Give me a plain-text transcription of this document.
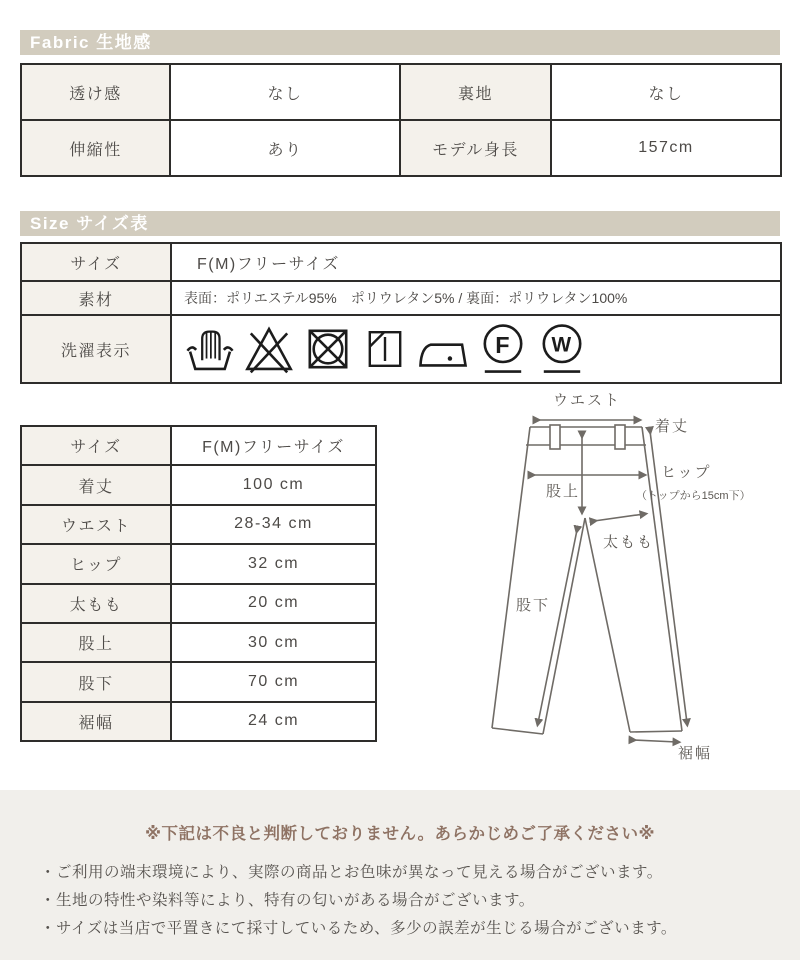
Fabric 生地感
透け感	なし	裏地	なし
伸縮性	あり	モデル身長	157cm
Size サイズ表
サイズ	F(M)フリーサイズ
素材	表面：ポリエステル95%　ポリウレタン5% / 裏面：ポリウレタン100%
洗濯表示	F W
サイズ	F(M)フリーサイズ
着丈	100 cm
ウエスト	28-34 cm
ヒップ	32 cm
太もも	20 cm
股上	30 cm
股下	70 cm
裾幅	24 cm
ウエスト
着丈
ヒップ
（トップから15cm下）
股上
太もも
股下
裾幅
※下記は不良と判断しておりません。あらかじめご了承ください※
・ご利用の端末環境により、実際の商品とお色味が異なって見える場合がございます。
・生地の特性や染料等により、特有の匂いがある場合がございます。
・サイズは当店で平置きにて採寸しているため、多少の誤差が生じる場合がございます。
